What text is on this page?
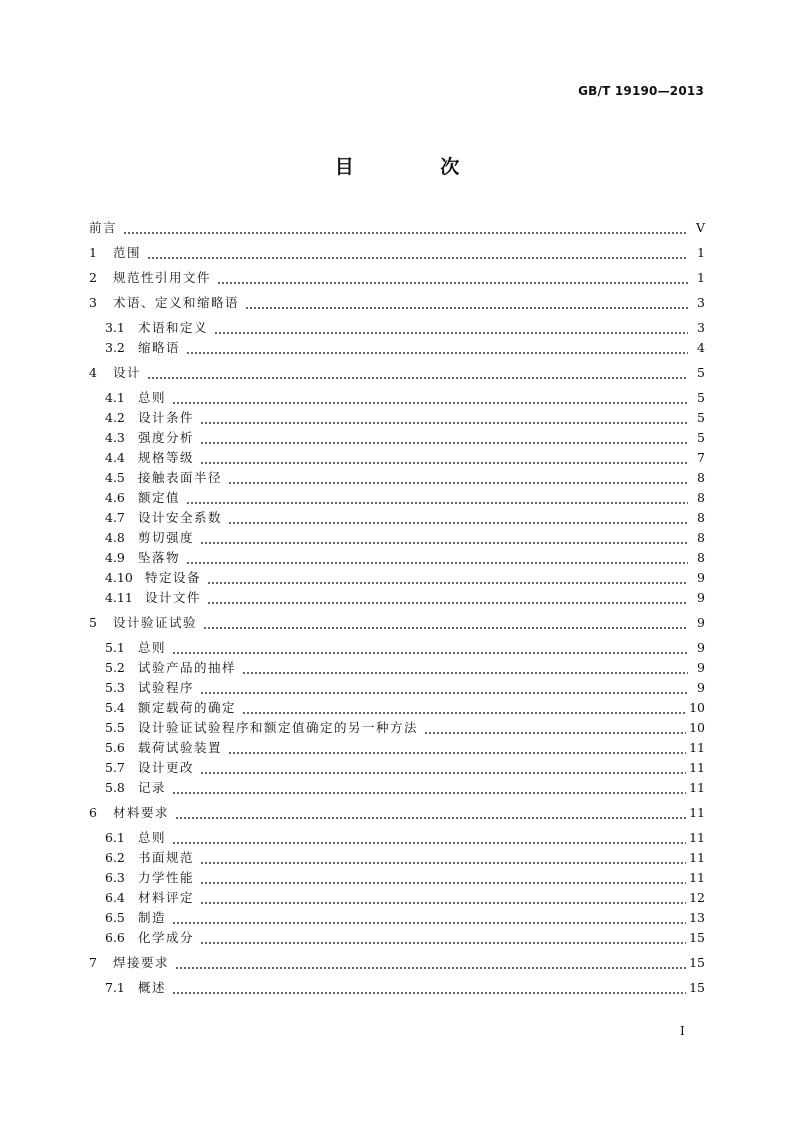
GB/T 19190—2013
目 次
前言	V
1	范围	1
2	规范性引用文件	1
3	术语、定义和缩略语	3
3.1	术语和定义	3
3.2	缩略语	4
4	设计	5
4.1	总则	5
4.2	设计条件	5
4.3	强度分析	5
4.4	规格等级	7
4.5	接触表面半径	8
4.6	额定值	8
4.7	设计安全系数	8
4.8	剪切强度	8
4.9	坠落物	8
4.10 特定设备	9
4.11 设计文件	9
5	设计验证试验	9
5.1	总则	9
5.2	试验产品的抽样	9
5.3	试验程序	9
5.4	额定载荷的确定	10
5.5	设计验证试验程序和额定值确定的另一种方法	10
5.6	载荷试验装置	11
5.7	设计更改	11
5.8	记录	11
6	材料要求	11
6.1	总则	11
6.2	书面规范	11
6.3	力学性能	11
6.4	材料评定	12
6.5	制造	13
6.6	化学成分	15
7	焊接要求	15
7.1	概述	15
I
